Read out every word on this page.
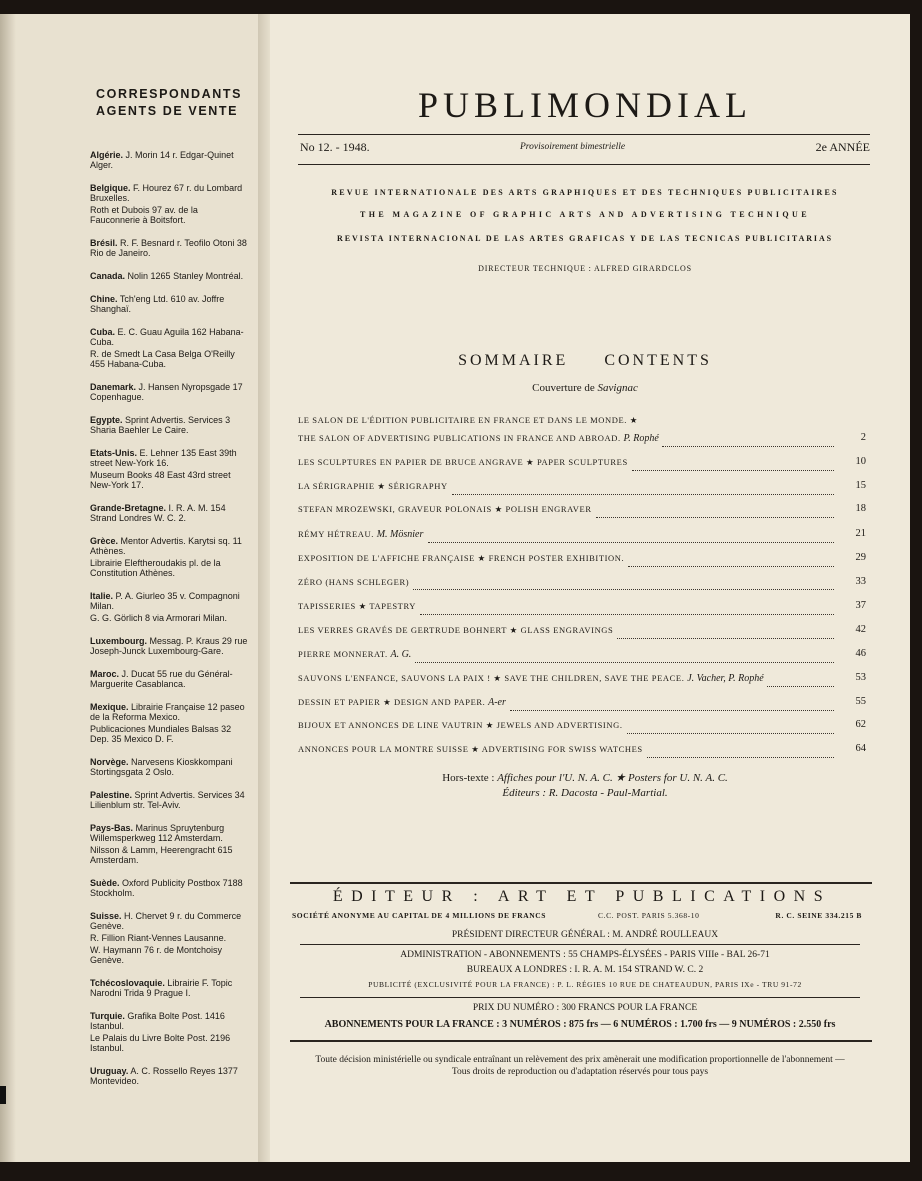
CORRESPONDANTS
AGENTS DE VENTE

Algérie. J. Morin 14 r. Edgar-Quinet Alger.

Belgique. F. Hourez 67 r. du Lombard Bruxelles.

Roth et Dubois 97 av. de la Fauconnerie à Boitsfort.

Brésil. R. F. Besnard r. Teofilo Otoni 38 Rio de Janeiro.

Canada. Nolin 1265 Stanley Montréal.

Chine. Tch'eng Ltd. 610 av. Joffre Shanghaï.

Cuba. E. C. Guau Aguila 162 Habana-Cuba.

R. de Smedt La Casa Belga O'Reilly 455 Habana-Cuba.

Danemark. J. Hansen Nyropsgade 17 Copenhague.

Egypte. Sprint Advertis. Services 3 Sharia Baehler Le Caire.

Etats-Unis. E. Lehner 135 East 39th street New-York 16.

Museum Books 48 East 43rd street New-York 17.

Grande-Bretagne. I. R. A. M. 154 Strand Londres W. C. 2.

Grèce. Mentor Advertis. Karytsi sq. 11 Athènes.

Librairie Eleftheroudakis pl. de la Constitution Athènes.

Italie. P. A. Giurleo 35 v. Compagnoni Milan.

G. G. Görlich 8 via Armorari Milan.

Luxembourg. Messag. P. Kraus 29 rue Joseph-Junck Luxembourg-Gare.

Maroc. J. Ducat 55 rue du Général-Marguerite Casablanca.

Mexique. Librairie Française 12 paseo de la Reforma Mexico.

Publicaciones Mundiales Balsas 32 Dep. 35 Mexico D. F.

Norvège. Narvesens Kioskkompani Stortingsgata 2 Oslo.

Palestine. Sprint Advertis. Services 34 Lilienblum str. Tel-Aviv.

Pays-Bas. Marinus Spruytenburg Willemsperkweg 112 Amsterdam.

Nilsson & Lamm, Heerengracht 615 Amsterdam.

Suède. Oxford Publicity Postbox 7188 Stockholm.

Suisse. H. Chervet 9 r. du Commerce Genève.

R. Fillion Riant-Vennes Lausanne.

W. Haymann 76 r. de Montchoisy Genève.

Tchécoslovaquie. Librairie F. Topic Narodni Trida 9 Prague I.

Turquie. Grafika Bolte Post. 1416 Istanbul.

Le Palais du Livre Bolte Post. 2196 Istanbul.

Uruguay. A. C. Rossello Reyes 1377 Montevideo.

PUBLIMONDIAL
No 12. - 1948.	Provisoirement bimestrielle	2e ANNÉE
REVUE INTERNATIONALE DES ARTS GRAPHIQUES ET DES TECHNIQUES PUBLICITAIRES
THE MAGAZINE OF GRAPHIC ARTS AND ADVERTISING TECHNIQUE
REVISTA INTERNACIONAL DE LAS ARTES GRAFICAS Y DE LAS TECNICAS PUBLICITARIAS
DIRECTEUR TECHNIQUE : ALFRED GIRARDCLOS
SOMMAIRE CONTENTS
Couverture de Savignac
LE SALON DE L'ÉDITION PUBLICITAIRE EN FRANCE ET DANS LE MONDE. ★
THE SALON OF ADVERTISING PUBLICATIONS IN FRANCE AND ABROAD. P. Rophé	2
LES SCULPTURES EN PAPIER DE BRUCE ANGRAVE ★ PAPER SCULPTURES	10
LA SÉRIGRAPHIE ★ SÉRIGRAPHY	15
STEFAN MROZEWSKI, GRAVEUR POLONAIS ★ POLISH ENGRAVER	18
RÉMY HÉTREAU. M. Mösnier	21
EXPOSITION DE L'AFFICHE FRANÇAISE ★ FRENCH POSTER EXHIBITION.	29
ZÉRO (HANS SCHLEGER)	33
TAPISSERIES ★ TAPESTRY	37
LES VERRES GRAVÉS DE GERTRUDE BOHNERT ★ GLASS ENGRAVINGS	42
PIERRE MONNERAT. A. G.	46
SAUVONS L'ENFANCE, SAUVONS LA PAIX ! ★ SAVE THE CHILDREN, SAVE THE PEACE. J. Vacher, P. Rophé	53
DESSIN ET PAPIER ★ DESIGN AND PAPER. A-er	55
BIJOUX ET ANNONCES DE LINE VAUTRIN ★ JEWELS AND ADVERTISING.	62
ANNONCES POUR LA MONTRE SUISSE ★ ADVERTISING FOR SWISS WATCHES	64
Hors-texte : Affiches pour l'U. N. A. C. ★ Posters for U. N. A. C.
Éditeurs : R. Dacosta - Paul-Martial.
ÉDITEUR : ART ET PUBLICATIONS
SOCIÉTÉ ANONYME AU CAPITAL DE 4 MILLIONS DE FRANCS	C.C. POST. PARIS 5.368-10	R. C. SEINE 334.215 B
PRÉSIDENT DIRECTEUR GÉNÉRAL : M. ANDRÉ ROULLEAUX
ADMINISTRATION - ABONNEMENTS : 55 CHAMPS-ÉLYSÉES - PARIS VIIIe - BAL 26-71
BUREAUX A LONDRES : I. R. A. M. 154 STRAND W. C. 2
PUBLICITÉ (EXCLUSIVITÉ POUR LA FRANCE) : P. L. RÉGIES 10 RUE DE CHATEAUDUN, PARIS IXe - TRU 91-72
PRIX DU NUMÉRO : 300 FRANCS POUR LA FRANCE
ABONNEMENTS POUR LA FRANCE : 3 NUMÉROS : 875 frs — 6 NUMÉROS : 1.700 frs — 9 NUMÉROS : 2.550 frs
Toute décision ministérielle ou syndicale entraînant un relèvement des prix amènerait une modification proportionnelle de l'abonnement — Tous droits de reproduction ou d'adaptation réservés pour tous pays
